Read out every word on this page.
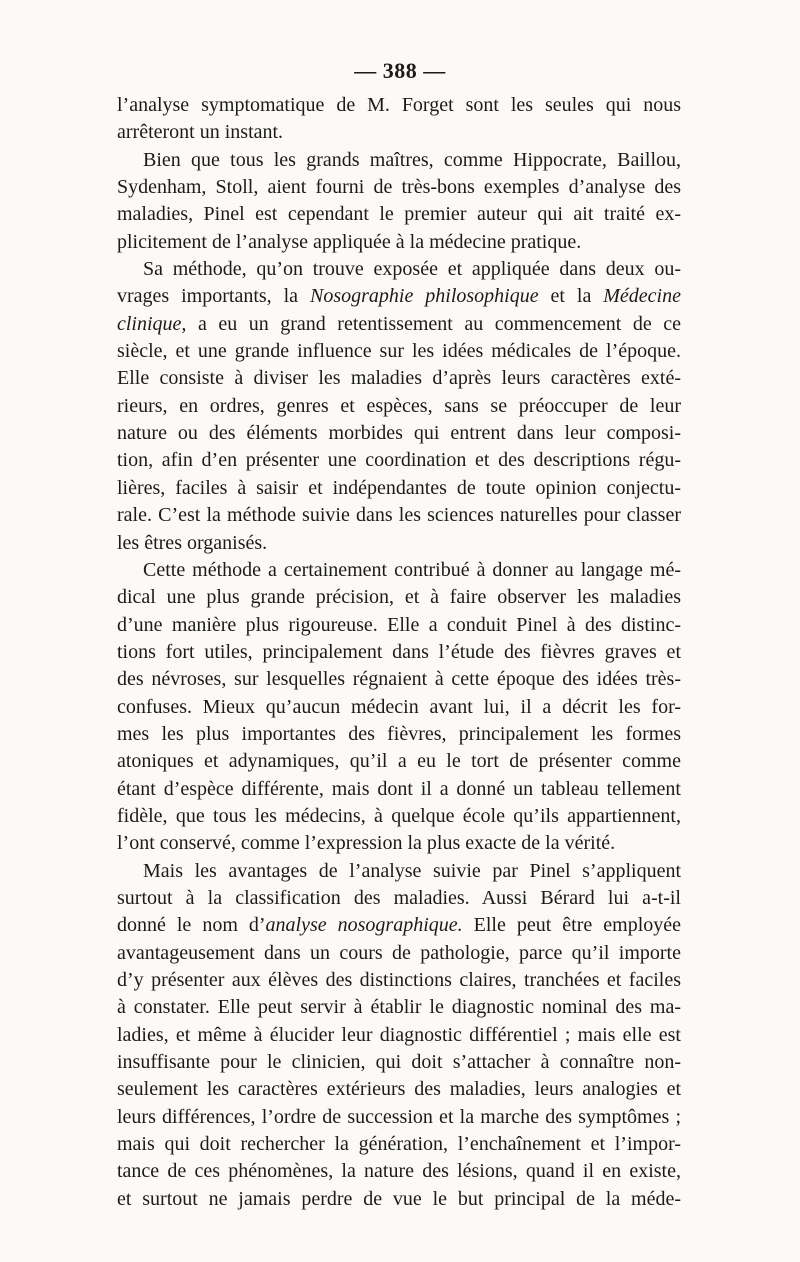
— 388 —
l’analyse symptomatique de M. Forget sont les seules qui nous
arrêteront un instant.
Bien que tous les grands maîtres, comme Hippocrate, Baillou,
Sydenham, Stoll, aient fourni de très-bons exemples d’analyse des
maladies, Pinel est cependant le premier auteur qui ait traité ex-
plicitement de l’analyse appliquée à la médecine pratique.
Sa méthode, qu’on trouve exposée et appliquée dans deux ou-
vrages importants, la Nosographie philosophique et la Médecine
clinique, a eu un grand retentissement au commencement de ce
siècle, et une grande influence sur les idées médicales de l’époque.
Elle consiste à diviser les maladies d’après leurs caractères exté-
rieurs, en ordres, genres et espèces, sans se préoccuper de leur
nature ou des éléments morbides qui entrent dans leur composi-
tion, afin d’en présenter une coordination et des descriptions régu-
lières, faciles à saisir et indépendantes de toute opinion conjectu-
rale. C’est la méthode suivie dans les sciences naturelles pour classer
les êtres organisés.
Cette méthode a certainement contribué à donner au langage mé-
dical une plus grande précision, et à faire observer les maladies
d’une manière plus rigoureuse. Elle a conduit Pinel à des distinc-
tions fort utiles, principalement dans l’étude des fièvres graves et
des névroses, sur lesquelles régnaient à cette époque des idées très-
confuses. Mieux qu’aucun médecin avant lui, il a décrit les for-
mes les plus importantes des fièvres, principalement les formes
atoniques et adynamiques, qu’il a eu le tort de présenter comme
étant d’espèce différente, mais dont il a donné un tableau tellement
fidèle, que tous les médecins, à quelque école qu’ils appartiennent,
l’ont conservé, comme l’expression la plus exacte de la vérité.
Mais les avantages de l’analyse suivie par Pinel s’appliquent
surtout à la classification des maladies. Aussi Bérard lui a-t-il
donné le nom d’analyse nosographique. Elle peut être employée
avantageusement dans un cours de pathologie, parce qu’il importe
d’y présenter aux élèves des distinctions claires, tranchées et faciles
à constater. Elle peut servir à établir le diagnostic nominal des ma-
ladies, et même à élucider leur diagnostic différentiel ; mais elle est
insuffisante pour le clinicien, qui doit s’attacher à connaître non-
seulement les caractères extérieurs des maladies, leurs analogies et
leurs différences, l’ordre de succession et la marche des symptômes ;
mais qui doit rechercher la génération, l’enchaînement et l’impor-
tance de ces phénomènes, la nature des lésions, quand il en existe,
et surtout ne jamais perdre de vue le but principal de la méde-
